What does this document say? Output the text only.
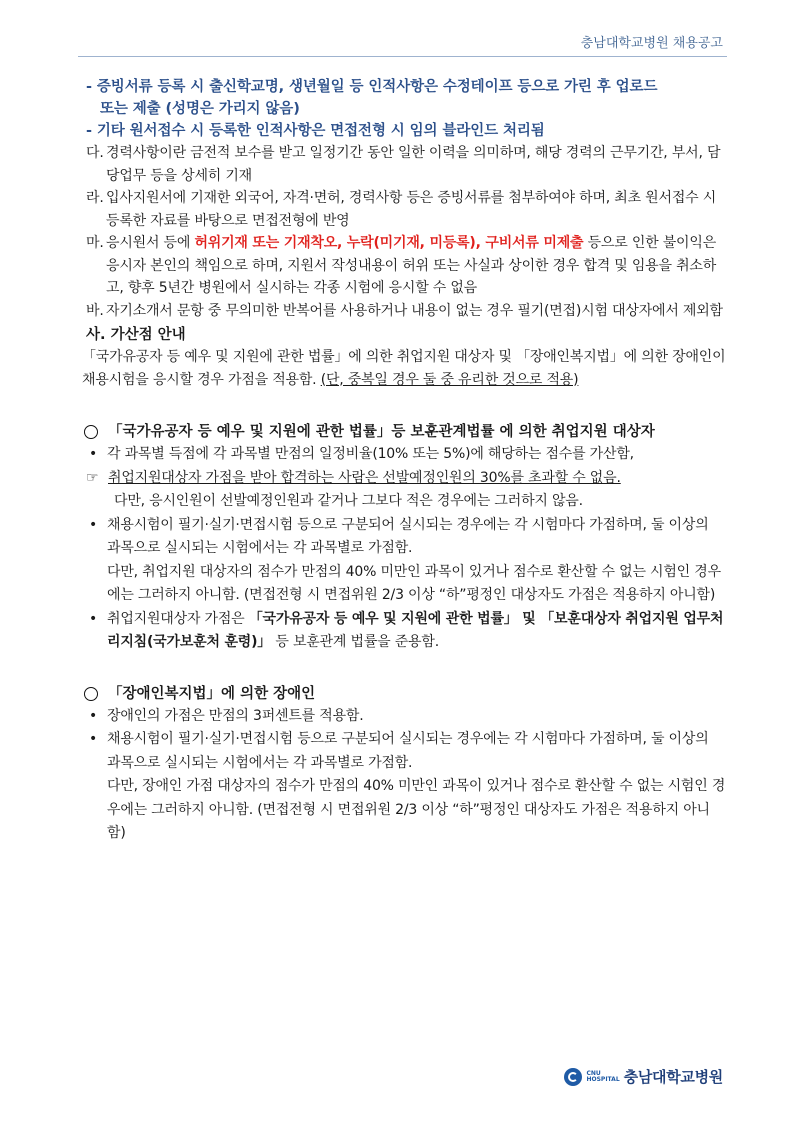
충남대학교병원 채용공고
- 증빙서류 등록 시 출신학교명, 생년월일 등 인적사항은 수정테이프 등으로 가린 후 업로드
또는 제출 (성명은 가리지 않음)
- 기타 원서접수 시 등록한 인적사항은 면접전형 시 임의 블라인드 처리됨
다. 경력사항이란 금전적 보수를 받고 일정기간 동안 일한 이력을 의미하며, 해당 경력의 근무기간, 부서, 담당업무 등을 상세히 기재
라. 입사지원서에 기재한 외국어, 자격·면허, 경력사항 등은 증빙서류를 첨부하여야 하며, 최초 원서접수 시 등록한 자료를 바탕으로 면접전형에 반영
마. 응시원서 등에 허위기재 또는 기재착오, 누락(미기재, 미등록), 구비서류 미제출 등으로 인한 불이익은 응시자 본인의 책임으로 하며, 지원서 작성내용이 허위 또는 사실과 상이한 경우 합격 및 임용을 취소하고, 향후 5년간 병원에서 실시하는 각종 시험에 응시할 수 없음
바. 자기소개서 문항 중 무의미한 반복어를 사용하거나 내용이 없는 경우 필기(면접)시험 대상자에서 제외함
사. 가산점 안내
「국가유공자 등 예우 및 지원에 관한 법률」에 의한 취업지원 대상자 및 「장애인복지법」에 의한 장애인이 채용시험을 응시할 경우 가점을 적용함. (단, 중복일 경우 둘 중 유리한 것으로 적용)
「국가유공자 등 예우 및 지원에 관한 법률」등 보훈관계법률 에 의한 취업지원 대상자
• 각 과목별 득점에 각 과목별 만점의 일정비율(10% 또는 5%)에 해당하는 점수를 가산함,
☞ 취업지원대상자 가점을 받아 합격하는 사람은 선발예정인원의 30%를 초과할 수 없음.
다만, 응시인원이 선발예정인원과 같거나 그보다 적은 경우에는 그러하지 않음.
• 채용시험이 필기·실기·면접시험 등으로 구분되어 실시되는 경우에는 각 시험마다 가점하며, 둘 이상의 과목으로 실시되는 시험에서는 각 과목별로 가점함.
다만, 취업지원 대상자의 점수가 만점의 40% 미만인 과목이 있거나 점수로 환산할 수 없는 시험인 경우에는 그러하지 아니함. (면접전형 시 면접위원 2/3 이상 “하”평정인 대상자도 가점은 적용하지 아니함)
• 취업지원대상자 가점은 「국가유공자 등 예우 및 지원에 관한 법률」 및 「보훈대상자 취업지원 업무처리지침(국가보훈처 훈령)」 등 보훈관계 법률을 준용함.
「장애인복지법」에 의한 장애인
• 장애인의 가점은 만점의 3퍼센트를 적용함.
• 채용시험이 필기·실기·면접시험 등으로 구분되어 실시되는 경우에는 각 시험마다 가점하며, 둘 이상의 과목으로 실시되는 시험에서는 각 과목별로 가점함.
다만, 장애인 가점 대상자의 점수가 만점의 40% 미만인 과목이 있거나 점수로 환산할 수 없는 시험인 경우에는 그러하지 아니함. (면접전형 시 면접위원 2/3 이상 “하”평정인 대상자도 가점은 적용하지 아니함)
CNU
HOSPITAL 충남대학교병원
